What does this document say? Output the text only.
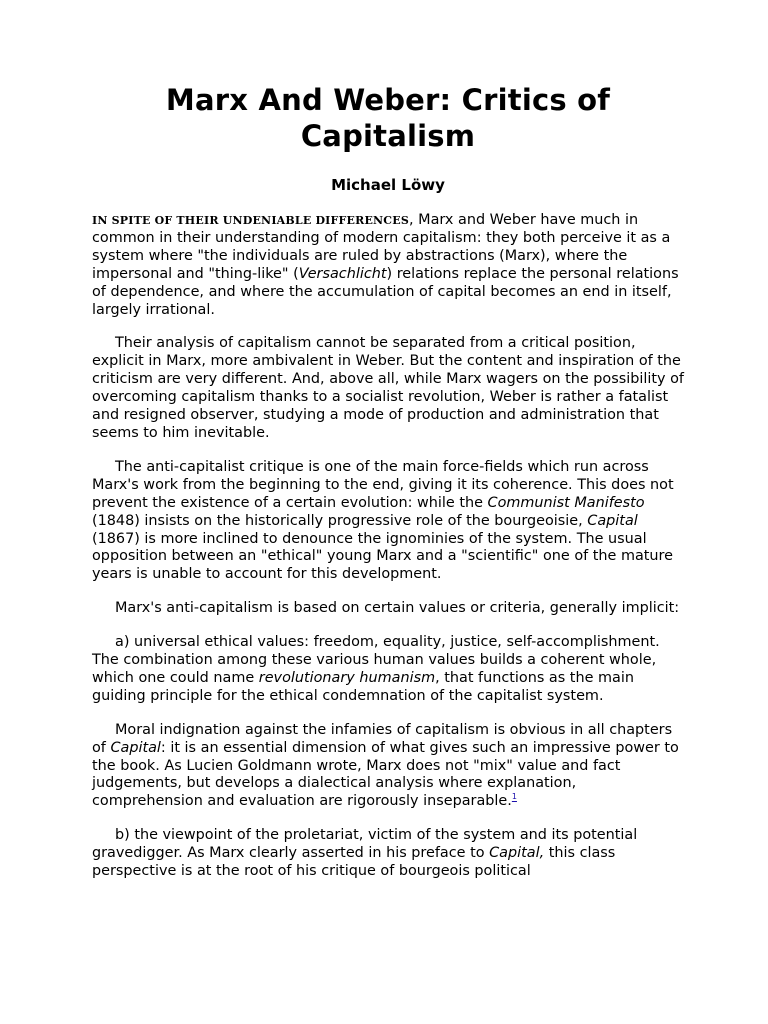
Marx And Weber: Critics of Capitalism
Michael Löwy

IN SPITE OF THEIR UNDENIABLE DIFFERENCES, Marx and Weber have much in common in their understanding of modern capitalism: they both perceive it as a system where "the individuals are ruled by abstractions (Marx), where the impersonal and "thing-like" (Versachlicht) relations replace the personal relations of dependence, and where the accumulation of capital becomes an end in itself, largely irrational.

Their analysis of capitalism cannot be separated from a critical position, explicit in Marx, more ambivalent in Weber. But the content and inspiration of the criticism are very different. And, above all, while Marx wagers on the possibility of overcoming capitalism thanks to a socialist revolution, Weber is rather a fatalist and resigned observer, studying a mode of production and administration that seems to him inevitable.

The anti-capitalist critique is one of the main force-fields which run across Marx's work from the beginning to the end, giving it its coherence. This does not prevent the existence of a certain evolution: while the Communist Manifesto (1848) insists on the historically progressive role of the bourgeoisie, Capital (1867) is more inclined to denounce the ignominies of the system. The usual opposition between an "ethical" young Marx and a "scientific" one of the mature years is unable to account for this development.

Marx's anti-capitalism is based on certain values or criteria, generally implicit:

a) universal ethical values: freedom, equality, justice, self-accomplishment. The combination among these various human values builds a coherent whole, which one could name revolutionary humanism, that functions as the main guiding principle for the ethical condemnation of the capitalist system.

Moral indignation against the infamies of capitalism is obvious in all chapters of Capital: it is an essential dimension of what gives such an impressive power to the book. As Lucien Goldmann wrote, Marx does not "mix" value and fact judgements, but develops a dialectical analysis where explanation, comprehension and evaluation are rigorously inseparable.$^1$

b) the viewpoint of the proletariat, victim of the system and its potential gravedigger. As Marx clearly asserted in his preface to Capital, this class perspective is at the root of his critique of bourgeois political
